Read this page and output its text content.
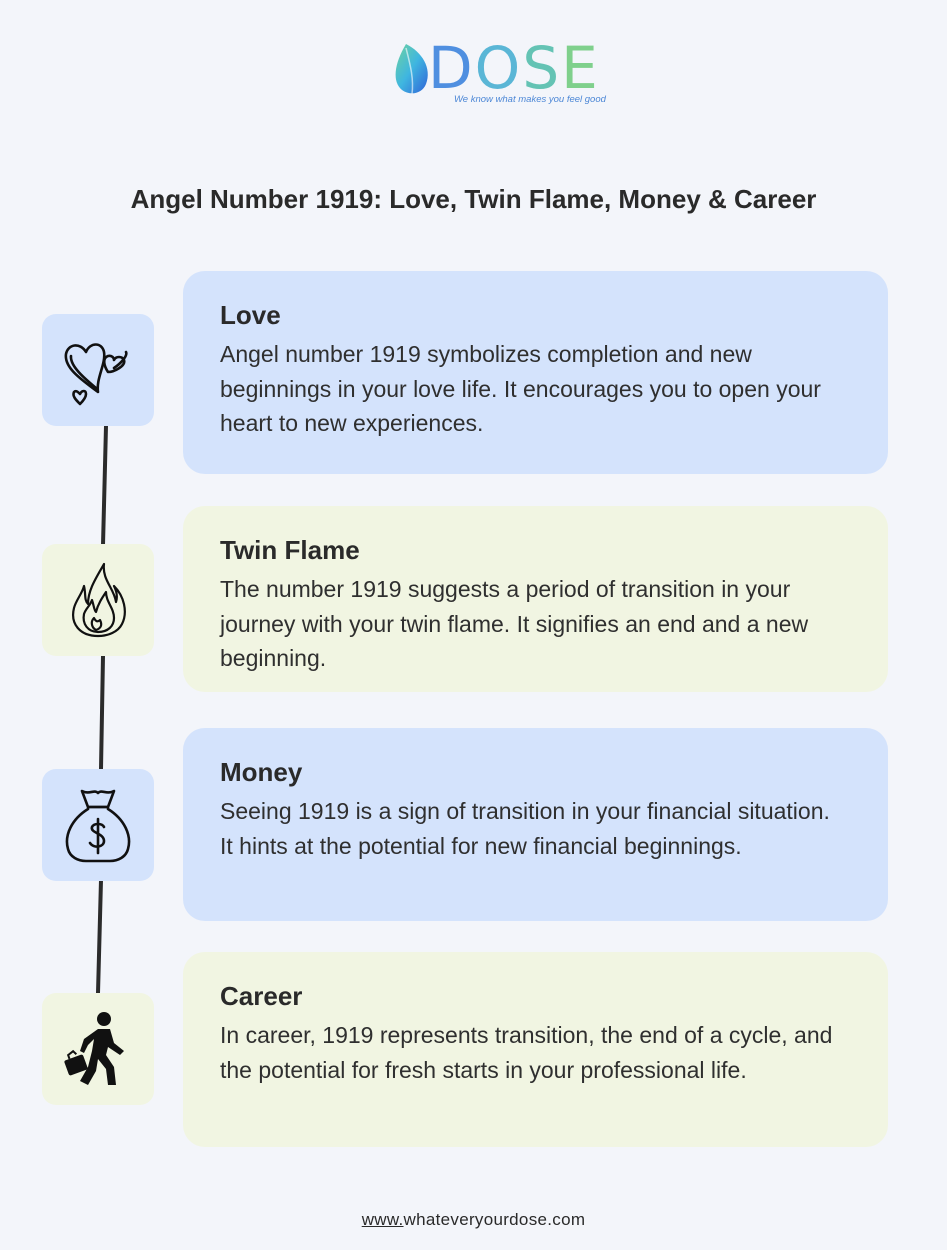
DOSE
We know what makes you feel good
Angel Number 1919: Love, Twin Flame, Money & Career
Love

Angel number 1919 symbolizes completion and new beginnings in your love life. It encourages you to open your heart to new experiences.

Twin Flame

The number 1919 suggests a period of transition in your journey with your twin flame. It signifies an end and a new beginning.

Money

Seeing 1919 is a sign of transition in your financial situation. It hints at the potential for new financial beginnings.

Career

In career, 1919 represents transition, the end of a cycle, and the potential for fresh starts in your professional life.

www.whateveryourdose.com
